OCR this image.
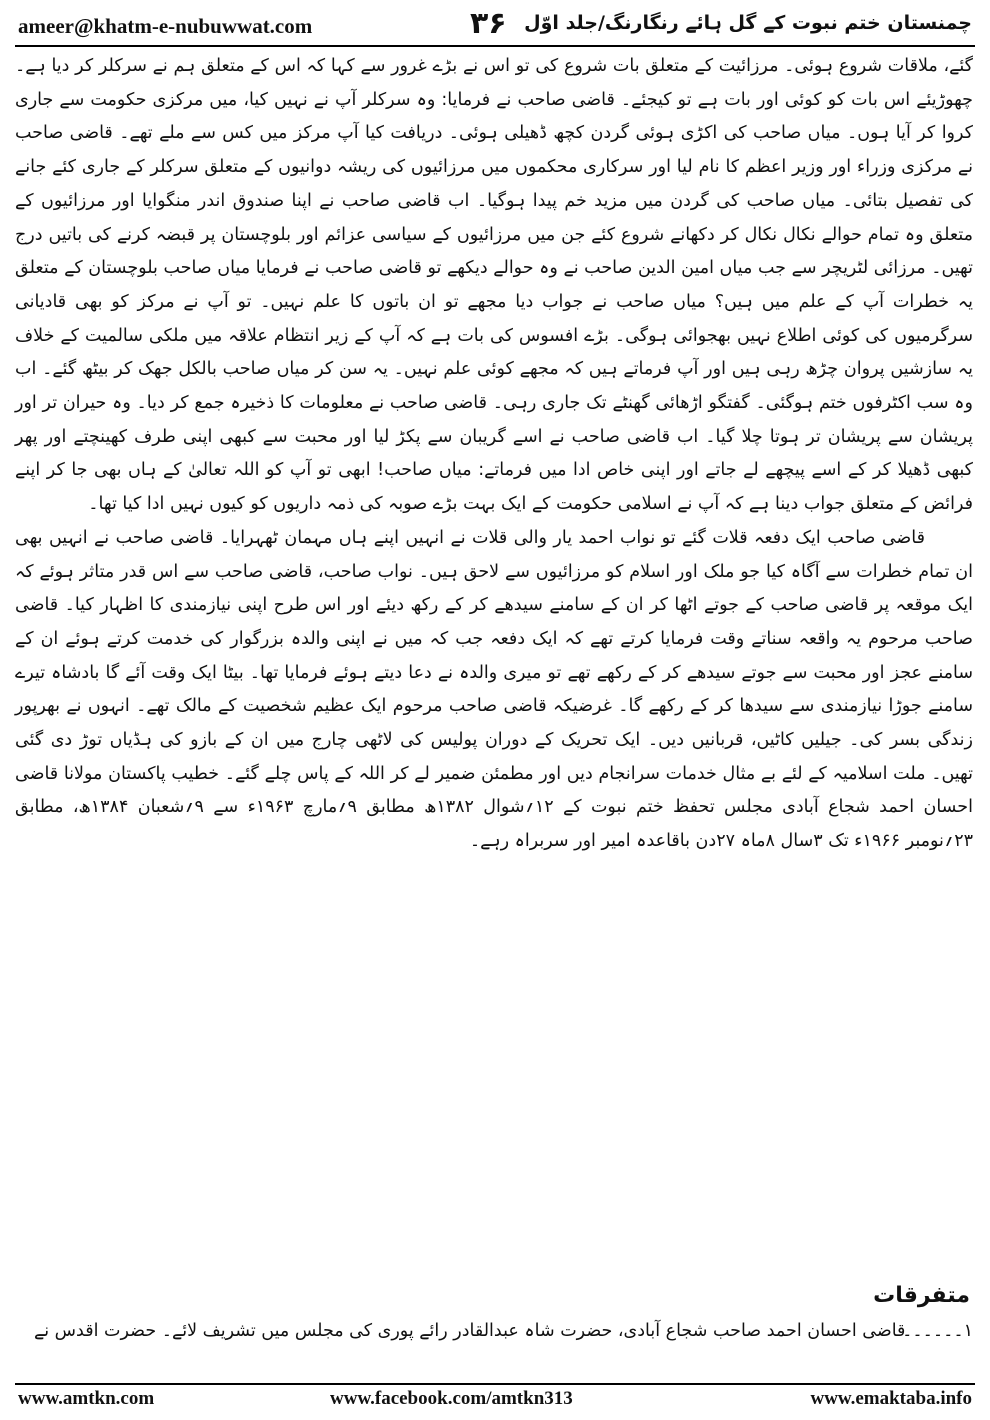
ameer@khatm-e-nubuwwat.com	۳۶ چمنستان ختم نبوت کے گل ہائے رنگارنگ/جلد اوّل

گئے، ملاقات شروع ہوئی۔ مرزائیت کے متعلق بات شروع کی تو اس نے بڑے غرور سے کہا کہ اس کے متعلق ہم نے سرکلر کر دیا ہے۔ چھوڑیئے اس بات کو کوئی اور بات ہے تو کیجئے۔ قاضی صاحب نے فرمایا: وہ سرکلر آپ نے نہیں کیا، میں مرکزی حکومت سے جاری کروا کر آیا ہوں۔ میاں صاحب کی اکڑی ہوئی گردن کچھ ڈھیلی ہوئی۔ دریافت کیا آپ مرکز میں کس سے ملے تھے۔ قاضی صاحب نے مرکزی وزراء اور وزیر اعظم کا نام لیا اور سرکاری محکموں میں مرزائیوں کی ریشہ دوانیوں کے متعلق سرکلر کے جاری کئے جانے کی تفصیل بتائی۔ میاں صاحب کی گردن میں مزید خم پیدا ہوگیا۔ اب قاضی صاحب نے اپنا صندوق اندر منگوایا اور مرزائیوں کے متعلق وہ تمام حوالے نکال نکال کر دکھانے شروع کئے جن میں مرزائیوں کے سیاسی عزائم اور بلوچستان پر قبضہ کرنے کی باتیں درج تھیں۔ مرزائی لٹریچر سے جب میاں امین الدین صاحب نے وہ حوالے دیکھے تو قاضی صاحب نے فرمایا میاں صاحب بلوچستان کے متعلق یہ خطرات آپ کے علم میں ہیں؟ میاں صاحب نے جواب دیا مجھے تو ان باتوں کا علم نہیں۔ تو آپ نے مرکز کو بھی قادیانی سرگرمیوں کی کوئی اطلاع نہیں بھجوائی ہوگی۔ بڑے افسوس کی بات ہے کہ آپ کے زیر انتظام علاقہ میں ملکی سالمیت کے خلاف یہ سازشیں پروان چڑھ رہی ہیں اور آپ فرماتے ہیں کہ مجھے کوئی علم نہیں۔ یہ سن کر میاں صاحب بالکل جھک کر بیٹھ گئے۔ اب وہ سب اکٹرفوں ختم ہوگئی۔ گفتگو اڑھائی گھنٹے تک جاری رہی۔ قاضی صاحب نے معلومات کا ذخیرہ جمع کر دیا۔ وہ حیران تر اور پریشان سے پریشان تر ہوتا چلا گیا۔ اب قاضی صاحب نے اسے گریبان سے پکڑ لیا اور محبت سے کبھی اپنی طرف کھینچتے اور پھر کبھی ڈھیلا کر کے اسے پیچھے لے جاتے اور اپنی خاص ادا میں فرماتے: میاں صاحب! ابھی تو آپ کو اللہ تعالیٰ کے ہاں بھی جا کر اپنے فرائض کے متعلق جواب دینا ہے کہ آپ نے اسلامی حکومت کے ایک بہت بڑے صوبہ کی ذمہ داریوں کو کیوں نہیں ادا کیا تھا۔

قاضی صاحب ایک دفعہ قلات گئے تو نواب احمد یار والی قلات نے انہیں اپنے ہاں مہمان ٹھہرایا۔ قاضی صاحب نے انہیں بھی ان تمام خطرات سے آگاہ کیا جو ملک اور اسلام کو مرزائیوں سے لاحق ہیں۔ نواب صاحب، قاضی صاحب سے اس قدر متاثر ہوئے کہ ایک موقعہ پر قاضی صاحب کے جوتے اٹھا کر ان کے سامنے سیدھے کر کے رکھ دیئے اور اس طرح اپنی نیازمندی کا اظہار کیا۔ قاضی صاحب مرحوم یہ واقعہ سناتے وقت فرمایا کرتے تھے کہ ایک دفعہ جب کہ میں نے اپنی والدہ بزرگوار کی خدمت کرتے ہوئے ان کے سامنے عجز اور محبت سے جوتے سیدھے کر کے رکھے تھے تو میری والدہ نے دعا دیتے ہوئے فرمایا تھا۔ بیٹا ایک وقت آئے گا بادشاہ تیرے سامنے جوڑا نیازمندی سے سیدھا کر کے رکھے گا۔ غرضیکہ قاضی صاحب مرحوم ایک عظیم شخصیت کے مالک تھے۔ انہوں نے بھرپور زندگی بسر کی۔ جیلیں کاٹیں، قربانیں دیں۔ ایک تحریک کے دوران پولیس کی لاٹھی چارج میں ان کے بازو کی ہڈیاں توڑ دی گئی تھیں۔ ملت اسلامیہ کے لئے بے مثال خدمات سرانجام دیں اور مطمئن ضمیر لے کر اللہ کے پاس چلے گئے۔ خطیب پاکستان مولانا قاضی احسان احمد شجاع آبادی مجلس تحفظ ختم نبوت کے ۱۲؍شوال ۱۳۸۲ھ مطابق ۹؍مارچ ۱۹۶۳ء سے ۹؍شعبان ۱۳۸۴ھ، مطابق ۲۳؍نومبر ۱۹۶۶ء تک ۳سال ۸ماہ ۲۷دن باقاعدہ امیر اور سربراہ رہے۔

متفرقات
۱۔۔۔۔۔۔ قاضی احسان احمد صاحب شجاع آبادی، حضرت شاہ عبدالقادر رائے پوری کی مجلس میں تشریف لائے۔ حضرت اقدس نے
www.amtkn.com	www.facebook.com/amtkn313	www.emaktaba.info
